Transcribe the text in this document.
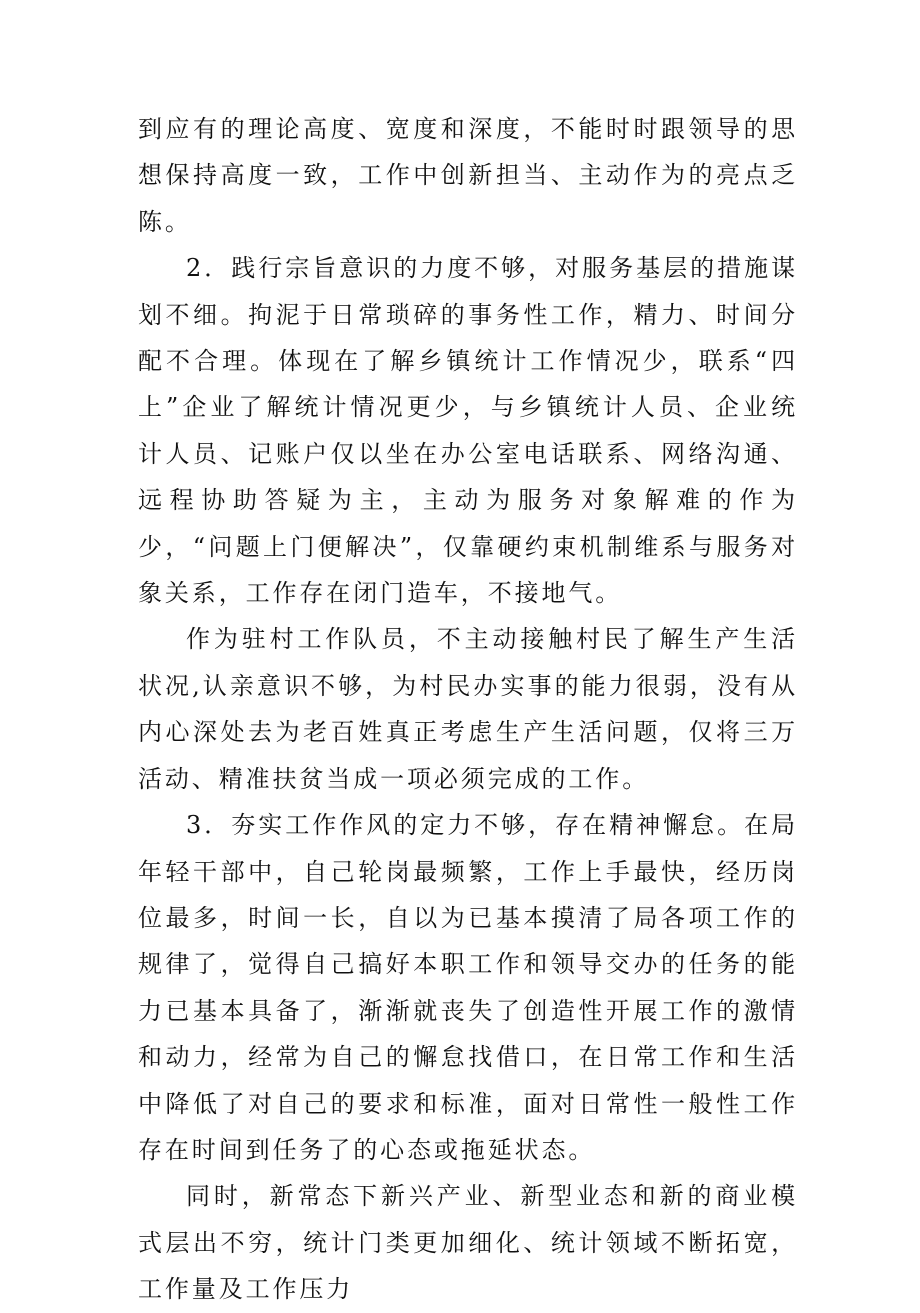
到应有的理论高度、宽度和深度，不能时时跟领导的思想保持高度一致，工作中创新担当、主动作为的亮点乏陈。

2．践行宗旨意识的力度不够，对服务基层的措施谋划不细。拘泥于日常琐碎的事务性工作，精力、时间分配不合理。体现在了解乡镇统计工作情况少，联系“四上”企业了解统计情况更少，与乡镇统计人员、企业统计人员、记账户仅以坐在办公室电话联系、网络沟通、远程协助答疑为主，主动为服务对象解难的作为少，“问题上门便解决”，仅靠硬约束机制维系与服务对象关系，工作存在闭门造车，不接地气。

作为驻村工作队员，不主动接触村民了解生产生活状况,认亲意识不够，为村民办实事的能力很弱，没有从内心深处去为老百姓真正考虑生产生活问题，仅将三万活动、精准扶贫当成一项必须完成的工作。

3．夯实工作作风的定力不够，存在精神懈怠。在局年轻干部中，自己轮岗最频繁，工作上手最快，经历岗位最多，时间一长，自以为已基本摸清了局各项工作的规律了，觉得自己搞好本职工作和领导交办的任务的能力已基本具备了，渐渐就丧失了创造性开展工作的激情和动力，经常为自己的懈怠找借口，在日常工作和生活中降低了对自己的要求和标准，面对日常性一般性工作存在时间到任务了的心态或拖延状态。

同时，新常态下新兴产业、新型业态和新的商业模式层出不穷，统计门类更加细化、统计领域不断拓宽，工作量及工作压力
